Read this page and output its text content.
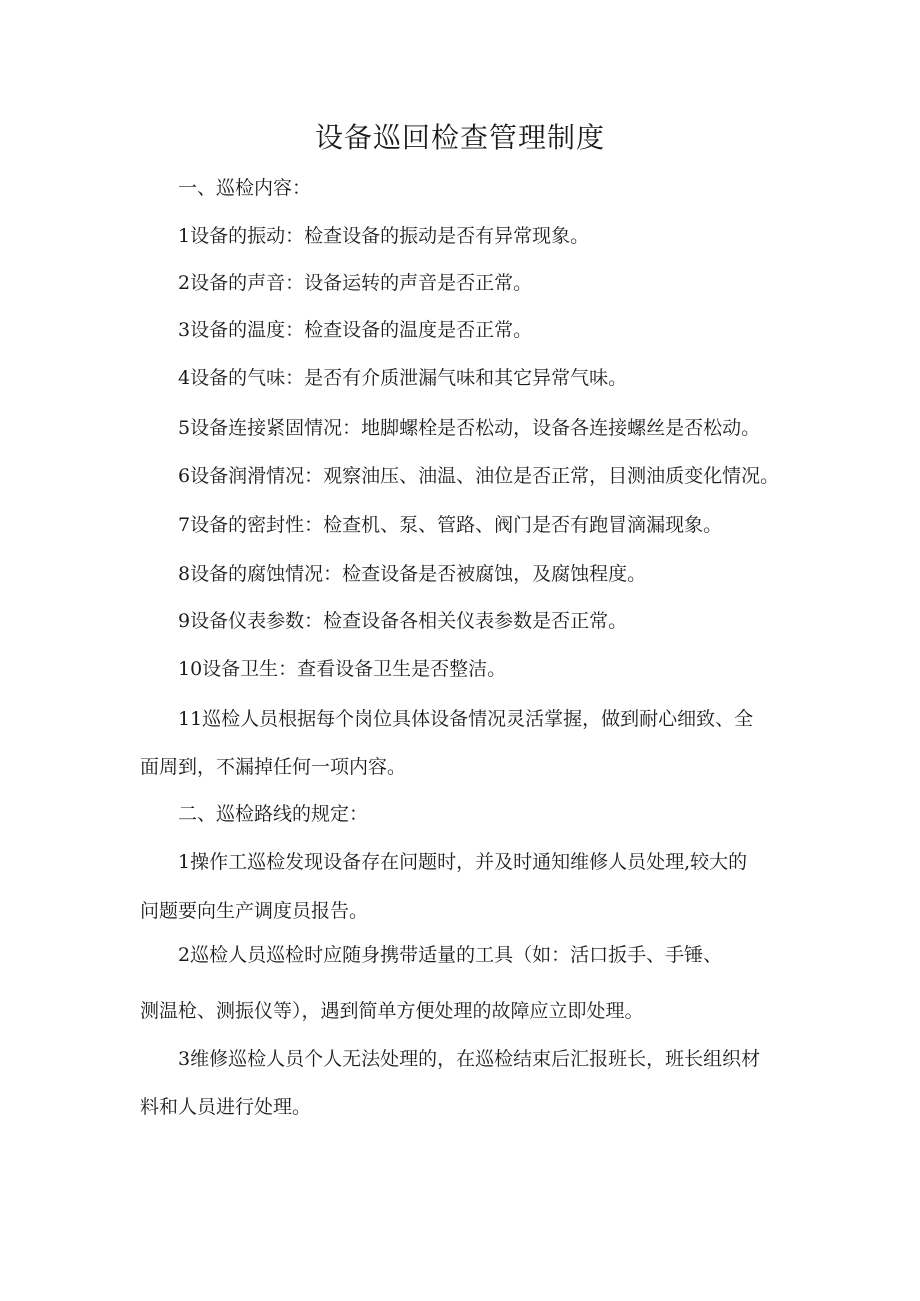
设备巡回检查管理制度
一、巡检内容：
1设备的振动：检查设备的振动是否有异常现象。
2设备的声音：设备运转的声音是否正常。
3设备的温度：检查设备的温度是否正常。
4设备的气味：是否有介质泄漏气味和其它异常气味。
5设备连接紧固情况：地脚螺栓是否松动，设备各连接螺丝是否松动。
6设备润滑情况：观察油压、油温、油位是否正常，目测油质变化情况。
7设备的密封性：检查机、泵、管路、阀门是否有跑冒滴漏现象。
8设备的腐蚀情况：检查设备是否被腐蚀，及腐蚀程度。
9设备仪表参数：检查设备各相关仪表参数是否正常。
10设备卫生：查看设备卫生是否整洁。
11巡检人员根据每个岗位具体设备情况灵活掌握，做到耐心细致、全
面周到，不漏掉任何一项内容。
二、巡检路线的规定：
1操作工巡检发现设备存在问题时，并及时通知维修人员处理,较大的
问题要向生产调度员报告。
2巡检人员巡检时应随身携带适量的工具（如：活口扳手、手锤、
测温枪、测振仪等），遇到简单方便处理的故障应立即处理。
3维修巡检人员个人无法处理的，在巡检结束后汇报班长，班长组织材
料和人员进行处理。
